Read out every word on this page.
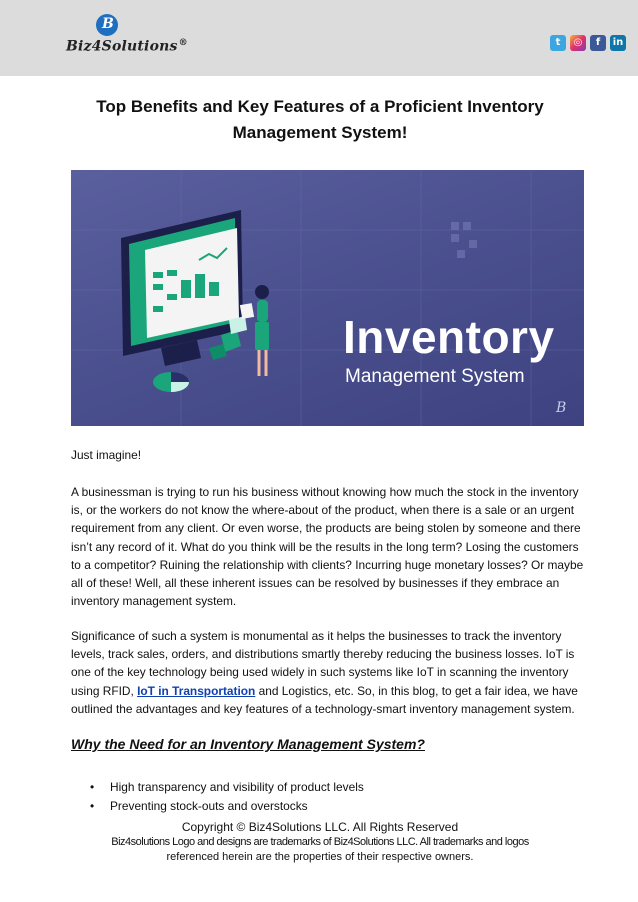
B
Biz4Solutions®	t	◎	f	in
Top Benefits and Key Features of a Proficient Inventory Management System!
Inventory
Management System
B

Just imagine!

A businessman is trying to run his business without knowing how much the stock in the inventory is, or the workers do not know the where-about of the product, when there is a sale or an urgent requirement from any client. Or even worse, the products are being stolen by someone and there isn’t any record of it. What do you think will be the results in the long term? Losing the customers to a competitor? Ruining the relationship with clients? Incurring huge monetary losses? Or maybe all of these! Well, all these inherent issues can be resolved by businesses if they embrace an inventory management system.

Significance of such a system is monumental as it helps the businesses to track the inventory levels, track sales, orders, and distributions smartly thereby reducing the business losses. IoT is one of the key technology being used widely in such systems like IoT in scanning the inventory using RFID, IoT in Transportation and Logistics, etc. So, in this blog, to get a fair idea, we have outlined the advantages and key features of a technology-smart inventory management system.

Why the Need for an Inventory Management System?
• High transparency and visibility of product levels
• Preventing stock-outs and overstocks
Copyright © Biz4Solutions LLC. All Rights Reserved
Biz4solutions Logo and designs are trademarks of Biz4Solutions LLC. All trademarks and logos
referenced herein are the properties of their respective owners.
